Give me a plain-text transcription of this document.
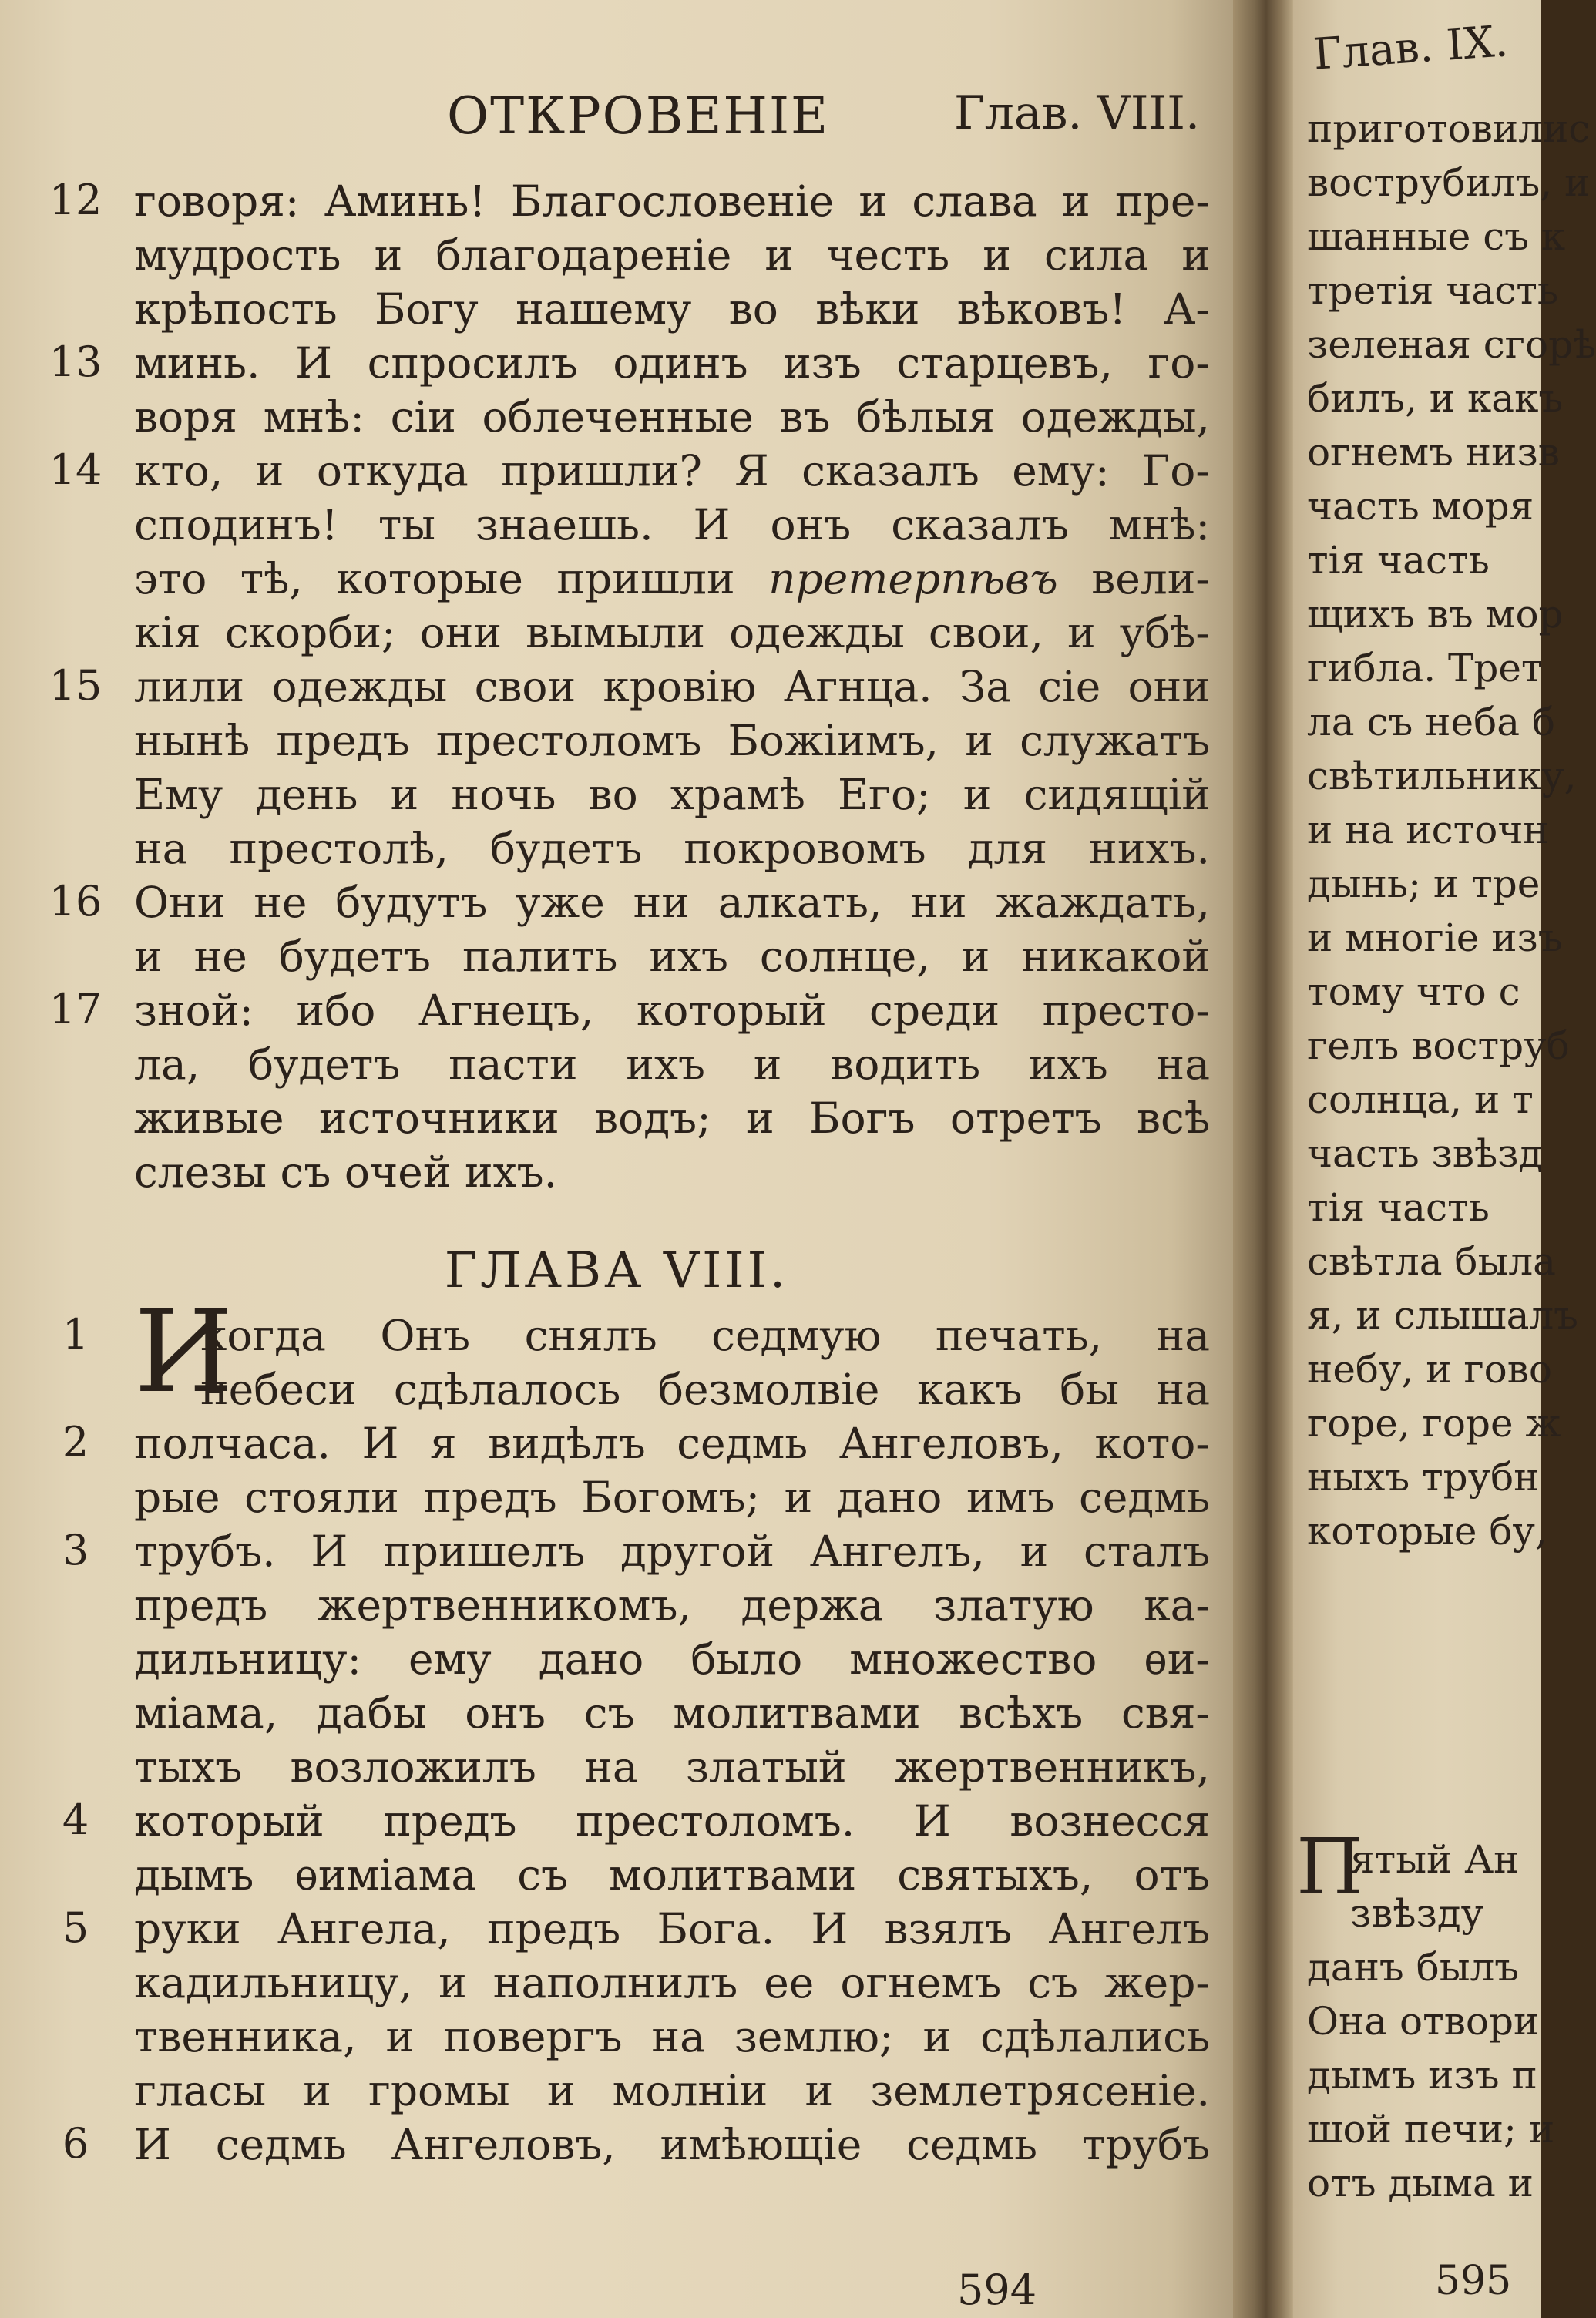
ОТКРОВЕНІЕ	Глав. VIII.
12 говоря: Аминь! Благословеніе и слава и пре-
мудрость и благодареніе и честь и сила и
крѣпость Богу нашему во вѣки вѣковъ! А-
13 минь. И спросилъ одинъ изъ старцевъ, го-
воря мнѣ: сіи облеченные въ бѣлыя одежды,
14 кто, и откуда пришли? Я сказалъ ему: Го-
сподинъ! ты знаешь. И онъ сказалъ мнѣ:
это тѣ, которые пришли претерпѣвъ вели-
кія скорби; они вымыли одежды свои, и убѣ-
15 лили одежды свои кровію Агнца. За сіе они
нынѣ предъ престоломъ Божіимъ, и служатъ
Ему день и ночь во храмѣ Его; и сидящій
на престолѣ, будетъ покровомъ для нихъ.
16 Они не будутъ уже ни алкать, ни жаждать,
и не будетъ палить ихъ солнце, и никакой
17 зной: ибо Агнецъ, который среди престо-
ла, будетъ пасти ихъ и водить ихъ на
живые источники водъ; и Богъ отретъ всѣ
слезы съ очей ихъ.
ГЛАВА VIII.
1 И
когда Онъ снялъ седмую печать, на
небеси сдѣлалось безмолвіе какъ бы на
2	полчаса. И я видѣлъ седмь Ангеловъ, кото-
рые стояли предъ Богомъ; и дано имъ седмь
3	трубъ. И пришелъ другой Ангелъ, и сталъ
предъ жертвенникомъ, держа златую ка-
дильницу: ему дано было множество ѳи-
міама, дабы онъ съ молитвами всѣхъ свя-
тыхъ возложилъ на златый жертвенникъ,
4	который предъ престоломъ. И вознесся
дымъ ѳиміама съ молитвами святыхъ, отъ
5	руки Ангела, предъ Бога. И взялъ Ангелъ
кадильницу, и наполнилъ ее огнемъ съ жер-
твенника, и повергъ на землю; и сдѣлались
гласы и громы и молніи и землетрясеніе.
6	И седмь Ангеловъ, имѣющіе седмь трубъ
594
Глав. IX.
приготовилис
вострубилъ, и
шанные съ к
третія часть
зеленая сгорѣ
билъ, и какъ
огнемъ низв
часть моря
тія часть
щихъ въ мор
гибла. Трет
ла съ неба б
свѣтильнику,
и на источн
дынь; и тре
и многіе изъ
тому что с
гелъ воструб
солнца, и т
часть звѣзд
тія часть
свѣтла была
я, и слышалъ
небу, и гово
горе, горе ж
ныхъ трубн
которые бу,
П
ятый Ан
звѣзду
данъ былъ
Она отвори
дымъ изъ п
шой печи; и
отъ дыма и
595
